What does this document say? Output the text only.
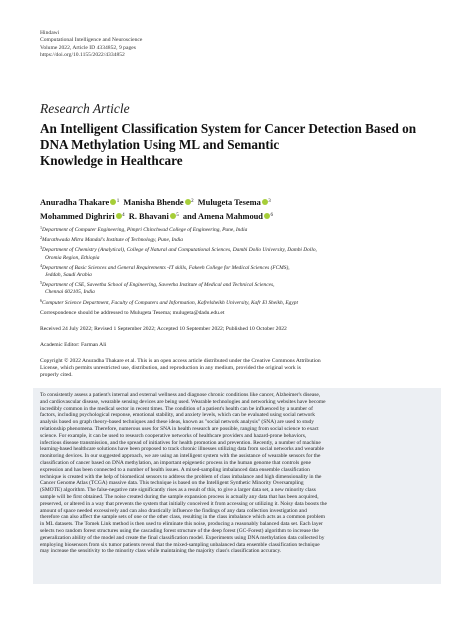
Hindawi
Computational Intelligence and Neuroscience
Volume 2022, Article ID 4334852, 9 pages
https://doi.org/10.1155/2022/4334852
Research Article
An Intelligent Classification System for Cancer Detection Based on
DNA Methylation Using ML and Semantic
Knowledge in Healthcare
Anuradha Thakare $^1$ Manisha Bhende $^2$ Mulugeta Tesema $^3$
Mohammed Dighriri $^4$ R. Bhavani $^5$ and Amena Mahmoud $^6$
$^1$Department of Computer Engineering, Pimpri Chinchwad College of Engineering, Pune, India
$^2$Marathwada Mitra Mandal's Institute of Technology, Pune, India
$^3$Department of Chemistry (Analytical), College of Natural and Computational Sciences, Dambi Dollo University, Dambi Dollo,
Oromia Region, Ethiopia
$^4$Department of Basic Sciences and General Requirements -IT skills, Fakeeh College for Medical Sciences (FCMS),
Jeddah, Saudi Arabia
$^5$Department of CSE, Saveetha School of Engineering, Saveetha Institute of Medical and Technical Sciences,
Chennai 602105, India
$^6$Computer Science Department, Faculty of Computers and Information, Kafrelsheikh University, Kafr El Sheikh, Egypt
Correspondence should be addressed to Mulugeta Tesema; mulugeta@dadu.edu.et
Received 24 July 2022; Revised 1 September 2022; Accepted 10 September 2022; Published 10 October 2022
Academic Editor: Farman Ali
Copyright © 2022 Anuradha Thakare et al. This is an open access article distributed under the Creative Commons Attribution
License, which permits unrestricted use, distribution, and reproduction in any medium, provided the original work is
properly cited.
To consistently assess a patient's internal and external wellness and diagnose chronic conditions like cancer, Alzheimer's disease,
and cardiovascular disease, wearable sensing devices are being used. Wearable technologies and networking websites have become
incredibly common in the medical sector in recent times. The condition of a patient's health can be influenced by a number of
factors, including psychological response, emotional stability, and anxiety levels, which can be evaluated using social network
analysis based on graph theory-based techniques and these ideas, known as "social network analysis" (SNA) are used to study
relationship phenomena. Therefore, numerous uses for SNA in health research are possible, ranging from social science to exact
science. For example, it can be used to research cooperative networks of healthcare providers and hazard-prone behaviors,
infectious disease transmission, and the spread of initiatives for health promotion and prevention. Recently, a number of machine
learning-based healthcare solutions have been proposed to track chronic illnesses utilizing data from social networks and wearable
monitoring devices. In our suggested approach, we are using an intelligent system with the assistance of wearable sensors for the
classification of cancer based on DNA methylation, an important epigenetic process in the human genome that controls gene
expression and has been connected to a number of health issues. A mixed-sampling imbalanced data ensemble classification
technique is created with the help of biomedical sensors to address the problem of class imbalance and high dimensionality in the
Cancer Genome Atlas (TCGA) massive data. This technique is based on the Intelligent Synthetic Minority Oversampling
(SMOTE) algorithm. The false-negative rate significantly rises as a result of this, to give a larger data set, a new minority class
sample will be first obtained. The noise created during the sample expansion process is actually any data that has been acquired,
preserved, or altered in a way that prevents the system that initially conceived it from accessing or utilizing it. Noisy data boosts the
amount of space needed excessively and can also drastically influence the findings of any data collection investigation and
therefore can also affect the sample sets of one or the other class, resulting in the class imbalance which acts as a common problem
in ML datasets. The Tomek Link method is then used to eliminate this noise, producing a reasonably balanced data set. Each layer
selects two random forest structures using the cascading forest structure of the deep forest (GC-Forest) algorithm to increase the
generalization ability of the model and create the final classification model. Experiments using DNA methylation data collected by
employing biosensors from six tumor patients reveal that the mixed-sampling unbalanced data ensemble classification technique
may increase the sensitivity to the minority class while maintaining the majority class's classification accuracy.
